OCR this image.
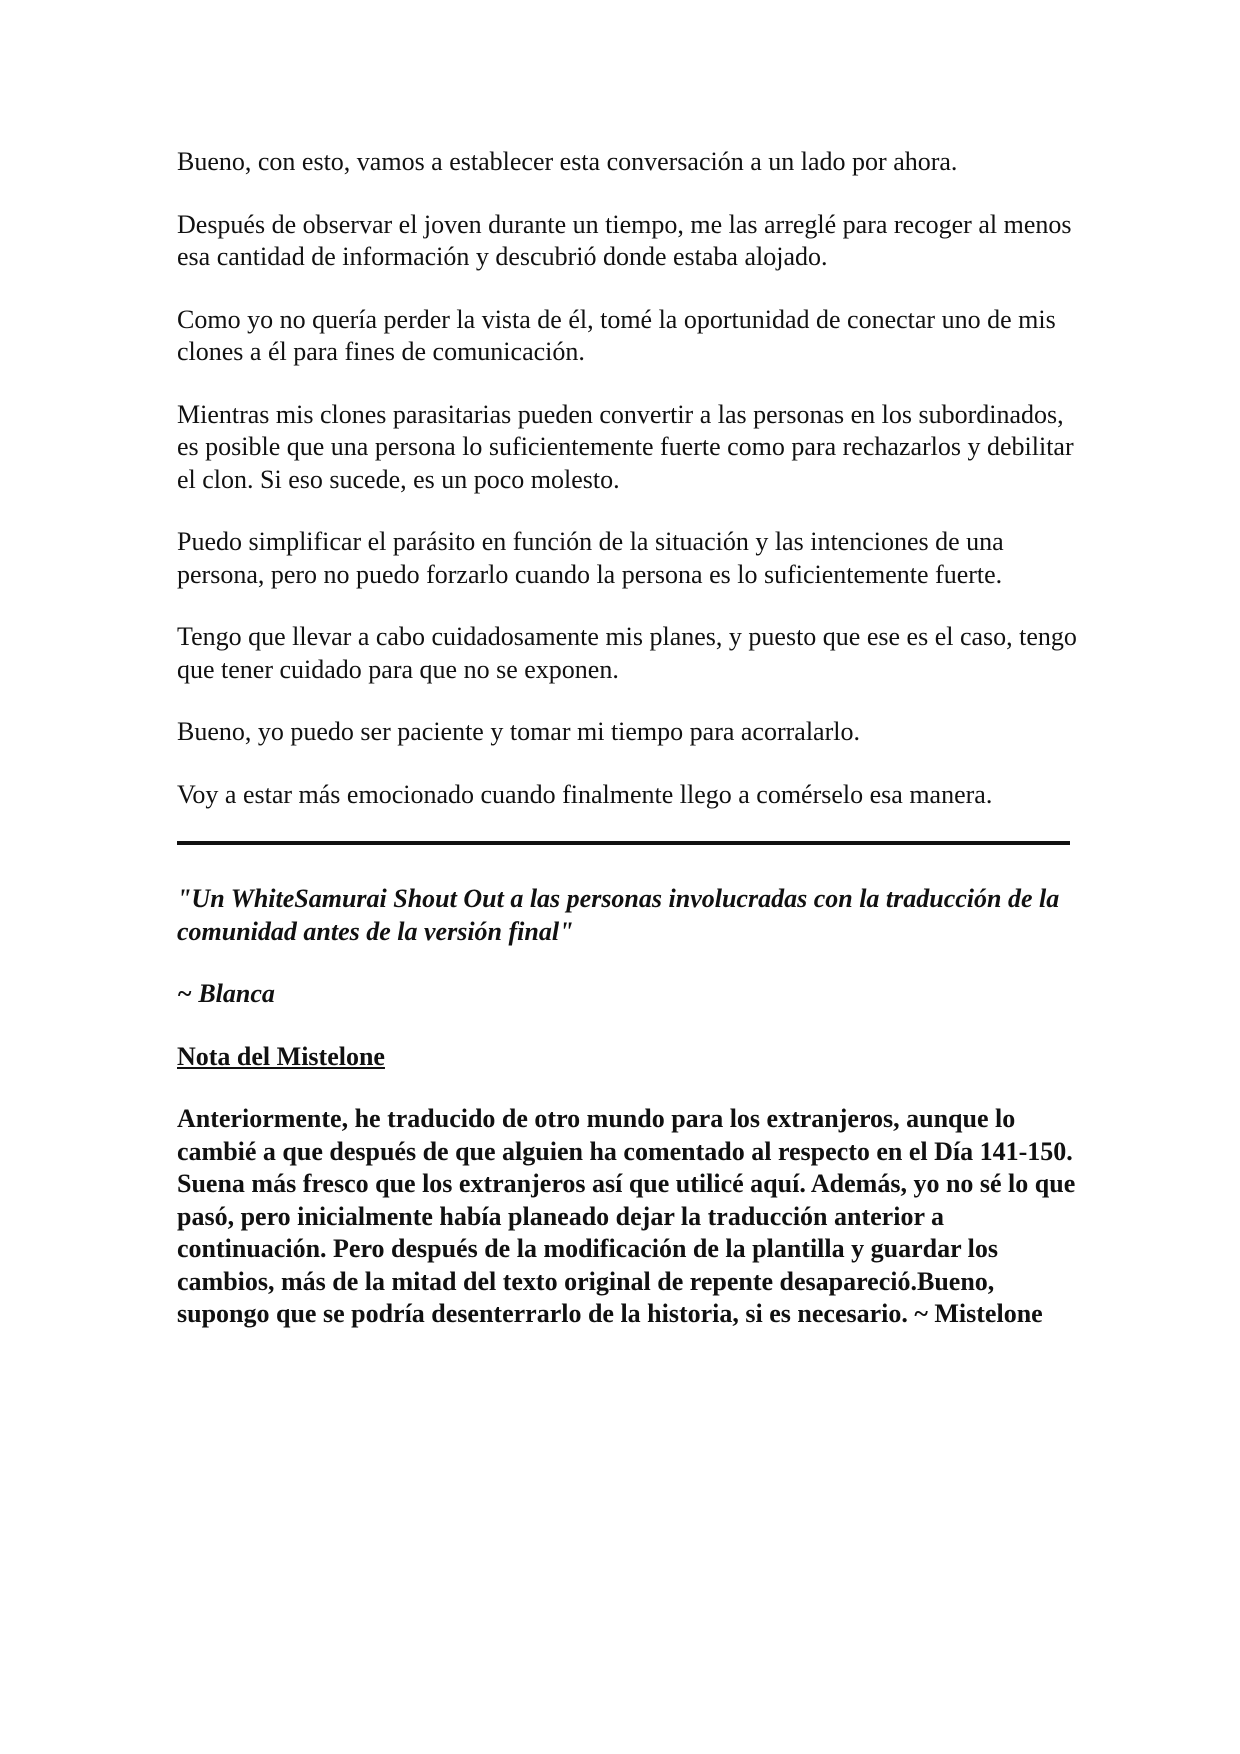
Bueno, con esto, vamos a establecer esta conversación a un lado por ahora.

Después de observar el joven durante un tiempo, me las arreglé para recoger al menos esa cantidad de información y descubrió donde estaba alojado.

Como yo no quería perder la vista de él, tomé la oportunidad de conectar uno de mis clones a él para fines de comunicación.

Mientras mis clones parasitarias pueden convertir a las personas en los subordinados, es posible que una persona lo suficientemente fuerte como para rechazarlos y debilitar el clon. Si eso sucede, es un poco molesto.

Puedo simplificar el parásito en función de la situación y las intenciones de una persona, pero no puedo forzarlo cuando la persona es lo suficientemente fuerte.

Tengo que llevar a cabo cuidadosamente mis planes, y puesto que ese es el caso, tengo que tener cuidado para que no se exponen.

Bueno, yo puedo ser paciente y tomar mi tiempo para acorralarlo.

Voy a estar más emocionado cuando finalmente llego a comérselo esa manera.

"Un WhiteSamurai Shout Out a las personas involucradas con la traducción de la comunidad antes de la versión final"

~ Blanca

Nota del Mistelone

Anteriormente, he traducido de otro mundo para los extranjeros, aunque lo cambié a que después de que alguien ha comentado al respecto en el Día 141-150. Suena más fresco que los extranjeros así que utilicé aquí. Además, yo no sé lo que pasó, pero inicialmente había planeado dejar la traducción anterior a continuación. Pero después de la modificación de la plantilla y guardar los cambios, más de la mitad del texto original de repente desapareció.Bueno, supongo que se podría desenterrarlo de la historia, si es necesario. ~ Mistelone
